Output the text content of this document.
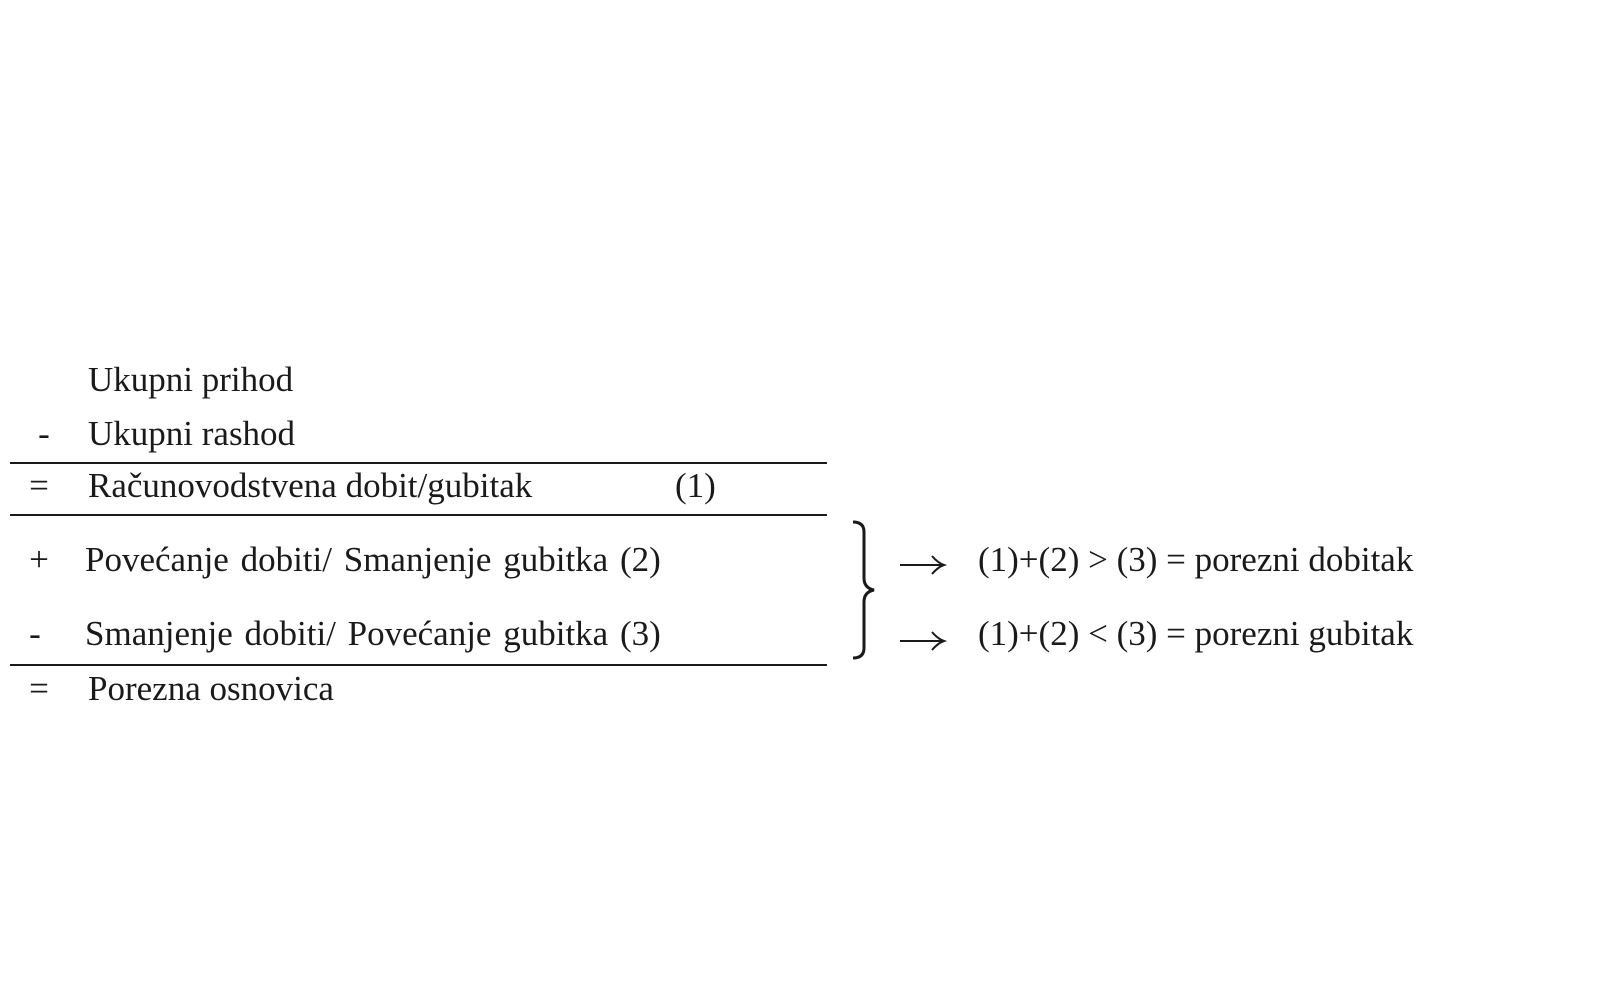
Ukupni prihod
- Ukupni rashod
= Računovodstvena dobit/gubitak	(1)
+ Povećanje dobiti/ Smanjenje gubitka (2)
- Smanjenje dobiti/ Povećanje gubitka (3)
= Porezna osnovica
(1)+(2) > (3) = porezni dobitak
(1)+(2) < (3) = porezni gubitak
